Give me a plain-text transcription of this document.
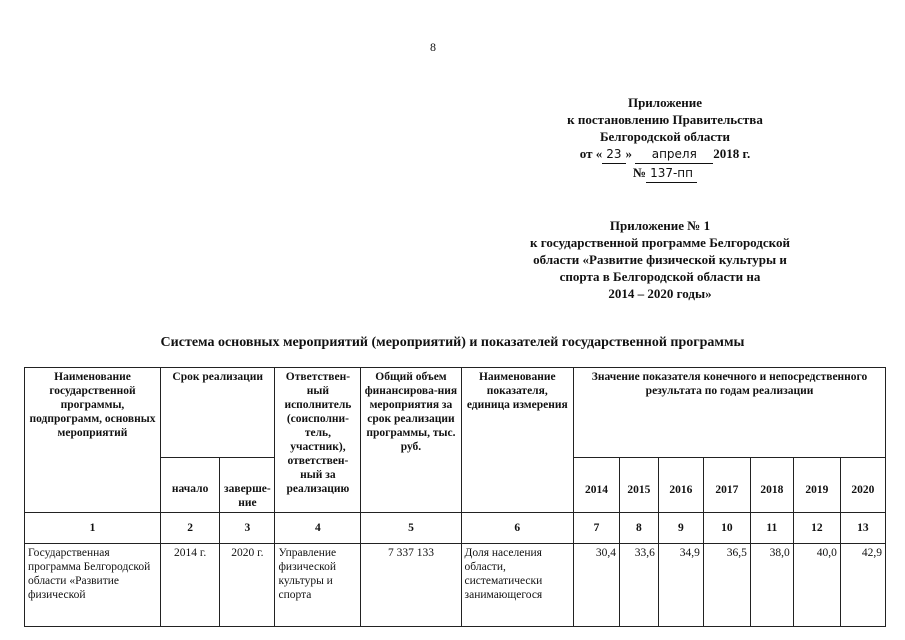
8
Приложение
к постановлению Правительства
Белгородской области
от « 23 » апреля 2018 г.
№ 137-пп
Приложение № 1
к государственной программе Белгородской
области «Развитие физической культуры и
спорта в Белгородской области на
2014 – 2020 годы»
Система основных мероприятий (мероприятий) и показателей государственной программы
Наименование государственной программы, подпрограмм, основных мероприятий	Срок реализации		Ответствен-ный исполнитель (соисполни-тель, участник), ответствен-ный за реализацию	Общий объем финансирова-ния мероприятия за срок реализации программы, тыс. руб.	Наименование показателя, единица измерения	Значение показателя конечного и непосредственного результата по годам реализации						
	начало	заверше-ние				2014	2015	2016	2017	2018	2019	2020
1	2	3	4	5	6	7	8	9	10	11	12	13
Государственная программа Белгородской области «Развитие физической	2014 г.	2020 г.	Управление физической культуры и спорта	7 337 133	Доля населения области, систематически занимающегося	30,4	33,6	34,9	36,5	38,0	40,0	42,9
